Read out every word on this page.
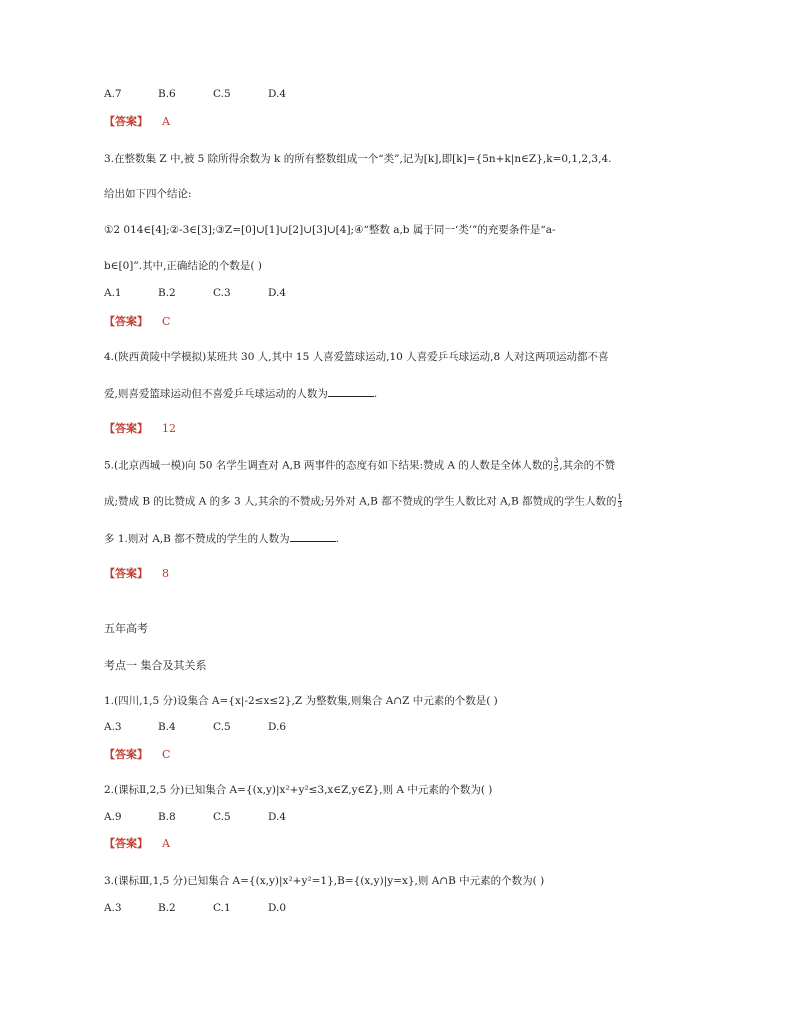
A.7	B.6	C.5	D.4
【答案】 A
3.在整数集 Z 中,被 5 除所得余数为 k 的所有整数组成一个“类”,记为[k],即[k]={5n+k|n∈Z},k=0,1,2,3,4.
给出如下四个结论:
①2 014∈[4];②-3∈[3];③Z=[0]∪[1]∪[2]∪[3]∪[4];④“整数 a,b 属于同一‘类’”的充要条件是“a-
b∈[0]”.其中,正确结论的个数是( )
A.1	B.2	C.3	D.4
【答案】 C
4.(陕西黄陵中学模拟)某班共 30 人,其中 15 人喜爱篮球运动,10 人喜爱乒乓球运动,8 人对这两项运动都不喜
爱,则喜爱篮球运动但不喜爱乒乓球运动的人数为	.
【答案】 12
5.(北京西城一模)向 50 名学生调查对 A,B 两事件的态度有如下结果:赞成 A 的人数是全体人数的 $\frac{3}{5}$ ,其余的不赞
成;赞成 B 的比赞成 A 的多 3 人,其余的不赞成;另外对 A,B 都不赞成的学生人数比对 A,B 都赞成的学生人数的 $\frac{1}{3}$
多 1.则对 A,B 都不赞成的学生的人数为	.
【答案】 8
五年高考
考点一 集合及其关系
1.(四川,1,5 分)设集合 A={x|-2≤x≤2},Z 为整数集,则集合 A∩Z 中元素的个数是( )
A.3	B.4	C.5	D.6
【答案】 C
2.(课标Ⅱ,2,5 分)已知集合 A={(x,y)|x²+y²≤3,x∈Z,y∈Z},则 A 中元素的个数为( )
A.9	B.8	C.5	D.4
【答案】 A
3.(课标Ⅲ,1,5 分)已知集合 A={(x,y)|x²+y²=1},B={(x,y)|y=x},则 A∩B 中元素的个数为( )
A.3	B.2	C.1	D.0
